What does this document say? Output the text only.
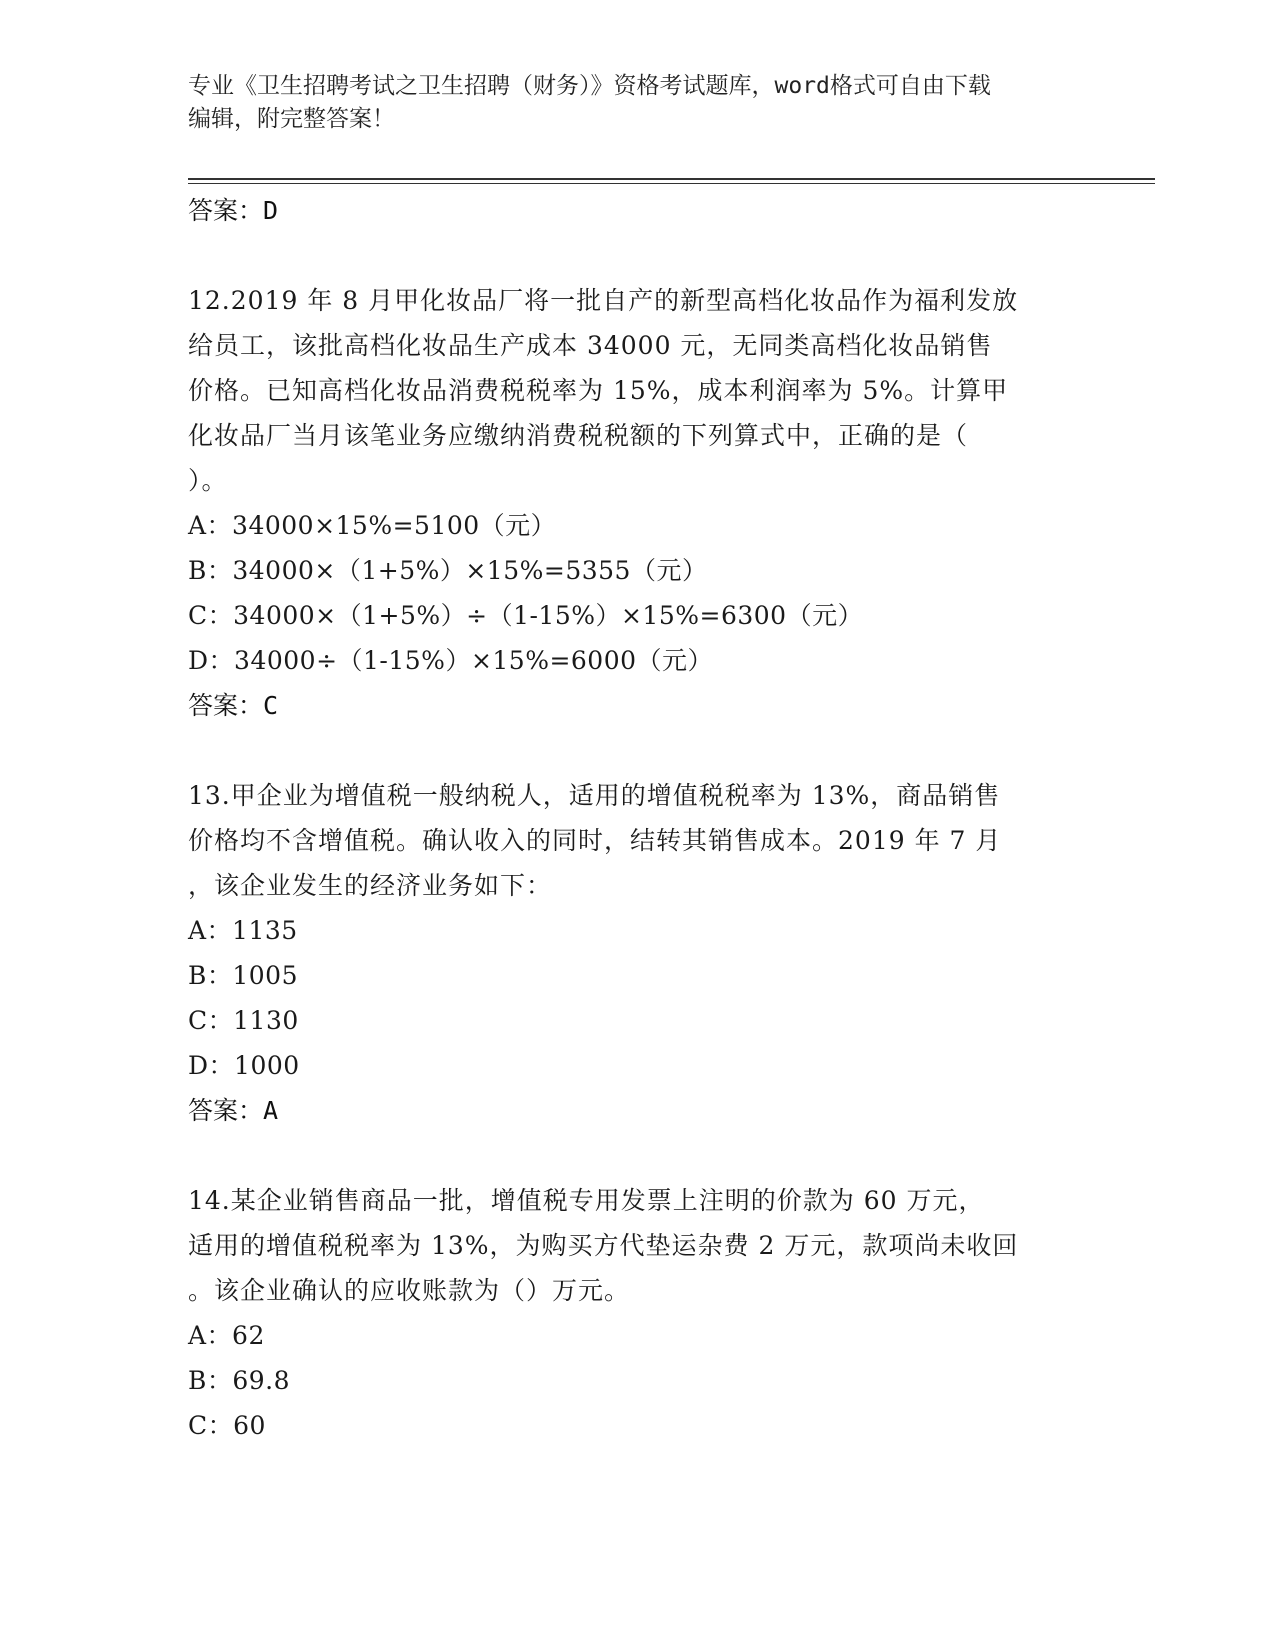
专业《卫生招聘考试之卫生招聘（财务）》资格考试题库，word格式可自由下载
编辑，附完整答案！

答案：D

12.2019 年 8 月甲化妆品厂将一批自产的新型高档化妆品作为福利发放

给员工，该批高档化妆品生产成本 34000 元，无同类高档化妆品销售

价格。已知高档化妆品消费税税率为 15%，成本利润率为 5%。计算甲

化妆品厂当月该笔业务应缴纳消费税税额的下列算式中，正确的是（

）。

A：34000×15%=5100（元）

B：34000×（1+5%）×15%=5355（元）

C：34000×（1+5%）÷（1-15%）×15%=6300（元）

D：34000÷（1-15%）×15%=6000（元）

答案：C

13.甲企业为增值税一般纳税人，适用的增值税税率为 13%，商品销售

价格均不含增值税。确认收入的同时，结转其销售成本。2019 年 7 月

，该企业发生的经济业务如下：

A：1135

B：1005

C：1130

D：1000

答案：A

14.某企业销售商品一批，增值税专用发票上注明的价款为 60 万元，

适用的增值税税率为 13%，为购买方代垫运杂费 2 万元，款项尚未收回

。该企业确认的应收账款为（）万元。

A：62

B：69.8

C：60
